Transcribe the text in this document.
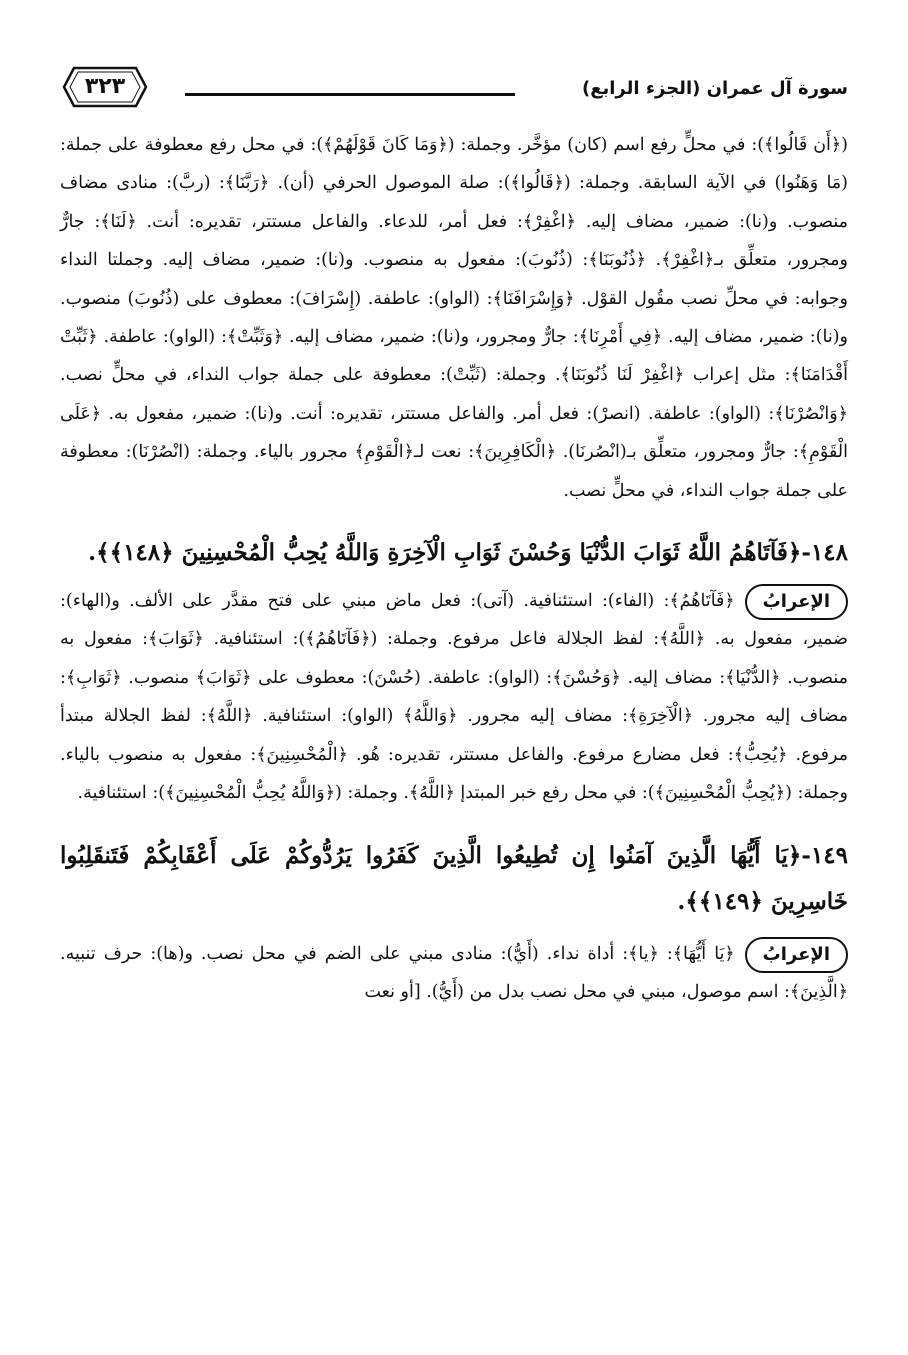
سورة آل عمران (الجزء الرابع)
٣٢٣

(﴿أَن قَالُوا﴾): في محلٍّ رفع اسم (كان) مؤخَّر. وجملة: (﴿وَمَا كَانَ قَوْلَهُمْ﴾): في محل رفع معطوفة على جملة: (مَا وَهَنُوا) في الآية السابقة. وجملة: (﴿قَالُوا﴾): صلة الموصول الحرفي (أن). ﴿رَبَّنَا﴾: (ربَّ): منادى مضاف منصوب. و(نا): ضمير، مضاف إليه. ﴿اغْفِرْ﴾: فعل أمر، للدعاء. والفاعل مستتر، تقديره: أنت. ﴿لَنَا﴾: جارٌّ ومجرور، متعلِّق بـ﴿اغْفِرْ﴾. ﴿ذُنُوبَنَا﴾: (ذُنُوبَ): مفعول به منصوب. و(نا): ضمير، مضاف إليه. وجملتا النداء وجوابه: في محلِّ نصب مقُول القوْل. ﴿وَإِسْرَافَنَا﴾: (الواو): عاطفة. (إِسْرَافَ): معطوف على (ذُنُوبَ) منصوب. و(نا): ضمير، مضاف إليه. ﴿فِي أَمْرِنَا﴾: جارٌّ ومجرور، و(نا): ضمير، مضاف إليه. ﴿وَثَبِّتْ﴾: (الواو): عاطفة. ﴿ثَبِّتْ أَقْدَامَنَا﴾: مثل إعراب ﴿اغْفِرْ لَنَا ذُنُوبَنَا﴾. وجملة: (ثَبِّتْ): معطوفة على جملة جواب النداء، في محلٍّ نصب. ﴿وَانْصُرْنَا﴾: (الواو): عاطفة. (انصرْ): فعل أمر. والفاعل مستتر، تقديره: أنت. و(نا): ضمير، مفعول به. ﴿عَلَى الْقَوْمِ﴾: جارٌّ ومجرور، متعلِّق بـ(انْصُرنَا). ﴿الْكَافِرِينَ﴾: نعت لـ﴿الْقَوْمِ﴾ مجرور بالياء. وجملة: (انْصُرْنَا): معطوفة على جملة جواب النداء، في محلٍّ نصب.

١٤٨-﴿فَآتَاهُمُ اللَّهُ ثَوَابَ الدُّنْيَا وَحُسْنَ ثَوَابِ الْآخِرَةِ وَاللَّهُ يُحِبُّ الْمُحْسِنِينَ ﴿١٤٨﴾﴾.

الإعرابُ
﴿فَآتَاهُمُ﴾: (الفاء): استئنافية. (آتى): فعل ماض مبني على فتح مقدَّر على الألف. و(الهاء): ضمير، مفعول به. ﴿اللَّهُ﴾: لفظ الجلالة فاعل مرفوع. وجملة: (﴿فَآتَاهُمُ﴾): استئنافية. ﴿ثَوَابَ﴾: مفعول به منصوب. ﴿الدُّنْيَا﴾: مضاف إليه. ﴿وَحُسْنَ﴾: (الواو): عاطفة. (حُسْنَ): معطوف على ﴿ثَوَابَ﴾ منصوب. ﴿ثَوَابِ﴾: مضاف إليه مجرور. ﴿الْآخِرَةِ﴾: مضاف إليه مجرور. ﴿وَاللَّهُ﴾ (الواو): استئنافية. ﴿اللَّهُ﴾: لفظ الجلالة مبتدأ مرفوع. ﴿يُحِبُّ﴾: فعل مضارع مرفوع. والفاعل مستتر، تقديره: هُو. ﴿الْمُحْسِنِينَ﴾: مفعول به منصوب بالياء. وجملة: (﴿يُحِبُّ الْمُحْسِنِينَ﴾): في محل رفع خبر المبتدإ ﴿اللَّهُ﴾. وجملة: (﴿وَاللَّهُ يُحِبُّ الْمُحْسِنِينَ﴾): استئنافية.

١٤٩-﴿يَا أَيُّهَا الَّذِينَ آمَنُوا إِن تُطِيعُوا الَّذِينَ كَفَرُوا يَرُدُّوكُمْ عَلَى أَعْقَابِكُمْ فَتَنقَلِبُوا خَاسِرِينَ ﴿١٤٩﴾﴾.

الإعرابُ
﴿يَا أَيُّهَا﴾: ﴿يا﴾: أداة نداء. (أَيُّ): منادى مبني على الضم في محل نصب. و(ها): حرف تنبيه. ﴿الَّذِينَ﴾: اسم موصول، مبني في محل نصب بدل من (أَيُّ). [أو نعت
